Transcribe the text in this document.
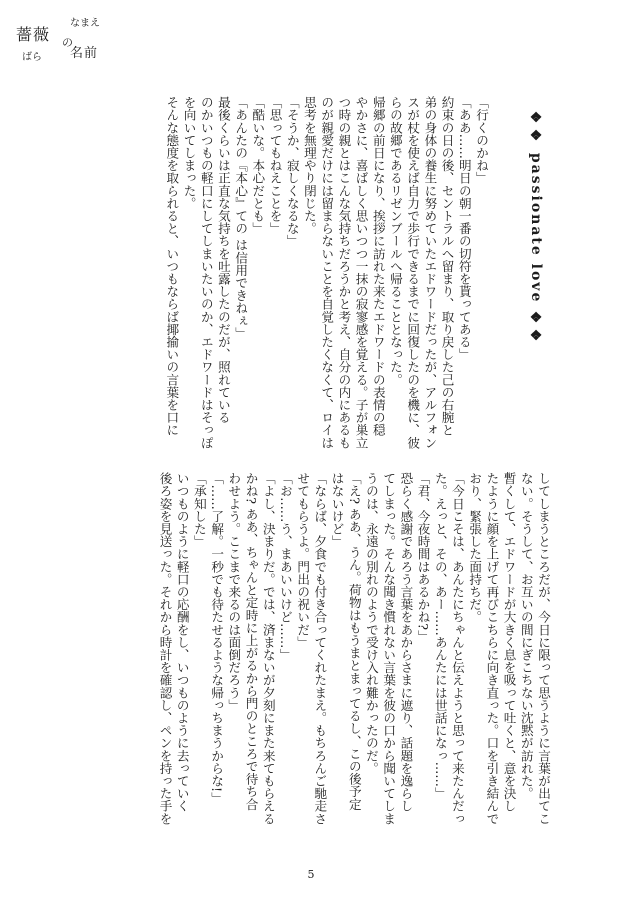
薔薇
なまえ
の
ばら 名前
❖❖ passionate love ❖❖
「行くのかね」
「ああ……明日の朝一番の切符を貰ってある」
約束の日の後、セントラルへ留まり、取り戻した己の右腕と
弟の身体の養生に努めていたエドワードだったが、アルフォン
スが杖を使えば自力で歩行できるまでに回復したのを機に、彼
らの故郷であるリゼンブールへ帰ることとなった。
帰郷の前日になり、挨拶に訪れた来たエドワードの表情の穏
やかさに、喜ばしく思いつつ一抹の寂寥感を覚える。子が巣立
つ時の親とはこんな気持ちだろうかと考え、自分の内にあるも
のが親愛だけには留まらないことを自覚したくなくて、ロイは
思考を無理やり閉じた。
「そうか、寂しくなるな」
「思ってもねえことを」
「酷いな。本心だとも」
「あんたの『本心』ての は信用できねぇ」
最後くらいは正直な気持ちを吐露したのだが、照れている
のかいつもの軽口にしてしまいたいのか、エドワードはそっぽ
を向いてしまった。
そんな態度を取られると、いつもならば揶揄いの言葉を口に
してしまうところだが、今日に限って思うように言葉が出てこ
ない。そうして、お互いの間にぎこちない沈黙が訪れた。
暫くして、エドワードが大きく息を吸って吐くと、意を決し
たように顔を上げて再びこちらに向き直った。口を引き結んで
おり、緊張した面持ちだ。
「今日こそは、あんたにちゃんと伝えようと思って来たんだっ
た。えっと、その、あー……あんたには世話になっ……」
「君、今夜時間はあるかね?」
恐らく感謝であろう言葉をあからさまに遮り、話題を逸らし
てしまった。そんな聞き慣れない言葉を彼の口から聞いてしま
うのは、永遠の別れのようで受け入れ難かったのだ。
「え? ああ、うん。荷物はもうまとまってるし、この後予定
はないけど」
「ならば、夕食でも付き合ってくれたまえ。もちろんご馳走さ
せてもらうよ。門出の祝いだ」
「お……う、まあいいけど……」
「よし、決まりだ。では、済まないが夕刻にまた来てもらえる
かね? ああ、ちゃんと定時に上がるから門のところで待ち合
わせよう。ここまで来るのは面倒だろう」
「……了解。一秒でも待たせるような帰っちまうからな!」
「承知した」
いつものように軽口の応酬をし、いつものように去っていく
後ろ姿を見送った。それから時計を確認し、ペンを持った手を
5
